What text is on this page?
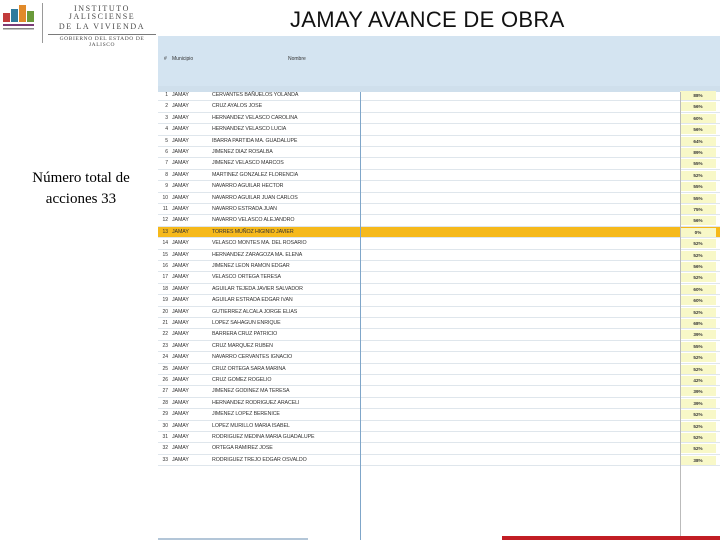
INSTITUTO JALISCIENSE
DE LA VIVIENDA
GOBIERNO DEL ESTADO DE JALISCO
JAMAY AVANCE DE OBRA
Número total de
acciones 33
# Municipio	Nombre
1 JAMAY	CERVANTES BAÑUELOS YOLANDA	88%
2 JAMAY	CRUZ AYALOS JOSE	56%
3 JAMAY	HERNANDEZ VELASCO CAROLINA	60%
4 JAMAY	HERNANDEZ VELASCO LUCIA	56%
5 JAMAY	IBARRA PARTIDA MA. GUADALUPE	64%
6 JAMAY	JIMENEZ DIAZ ROSALBA	89%
7 JAMAY	JIMENEZ VELASCO MARCOS	55%
8 JAMAY	MARTINEZ GONZALEZ FLORENCIA	52%
9 JAMAY	NAVARRO AGUILAR HECTOR	55%
10 JAMAY	NAVARRO AGUILAR JUAN CARLOS	55%
11 JAMAY	NAVARRO ESTRADA JUAN	75%
12 JAMAY	NAVARRO VELASCO ALEJANDRO	56%
13 JAMAY	TORRES MUÑOZ HIGINIO JAVIER	0%
14 JAMAY	VELASCO MONTES MA. DEL ROSARIO	52%
15 JAMAY	HERNANDEZ ZARAGOZA MA. ELENA	52%
16 JAMAY	JIMENEZ LEON RAMON EDGAR	56%
17 JAMAY	VELASCO ORTEGA TERESA	52%
18 JAMAY	AGUILAR TEJEDA JAVIER SALVADOR	60%
19 JAMAY	AGUILAR ESTRADA EDGAR IVAN	60%
20 JAMAY	GUTIERREZ ALCALA JORGE ELIAS	52%
21 JAMAY	LOPEZ SAHAGUN ENRIQUE	68%
22 JAMAY	BARRERA CRUZ PATRICIO	39%
23 JAMAY	CRUZ MARQUEZ RUBEN	55%
24 JAMAY	NAVARRO CERVANTES IGNACIO	52%
25 JAMAY	CRUZ ORTEGA SARA MARINA	52%
26 JAMAY	CRUZ GOMEZ ROGELIO	42%
27 JAMAY	JIMENEZ GODINEZ MA TERESA	39%
28 JAMAY	HERNANDEZ RODRIGUEZ ARACELI	39%
29 JAMAY	JIMENEZ LOPEZ BERENICE	52%
30 JAMAY	LOPEZ MURILLO MARIA ISABEL	52%
31 JAMAY	RODRIGUEZ MEDINA MARIA GUADALUPE	52%
32 JAMAY	ORTEGA RAMIREZ JOSE	52%
33 JAMAY	RODRIGUEZ TREJO EDGAR OSVALDO	38%
